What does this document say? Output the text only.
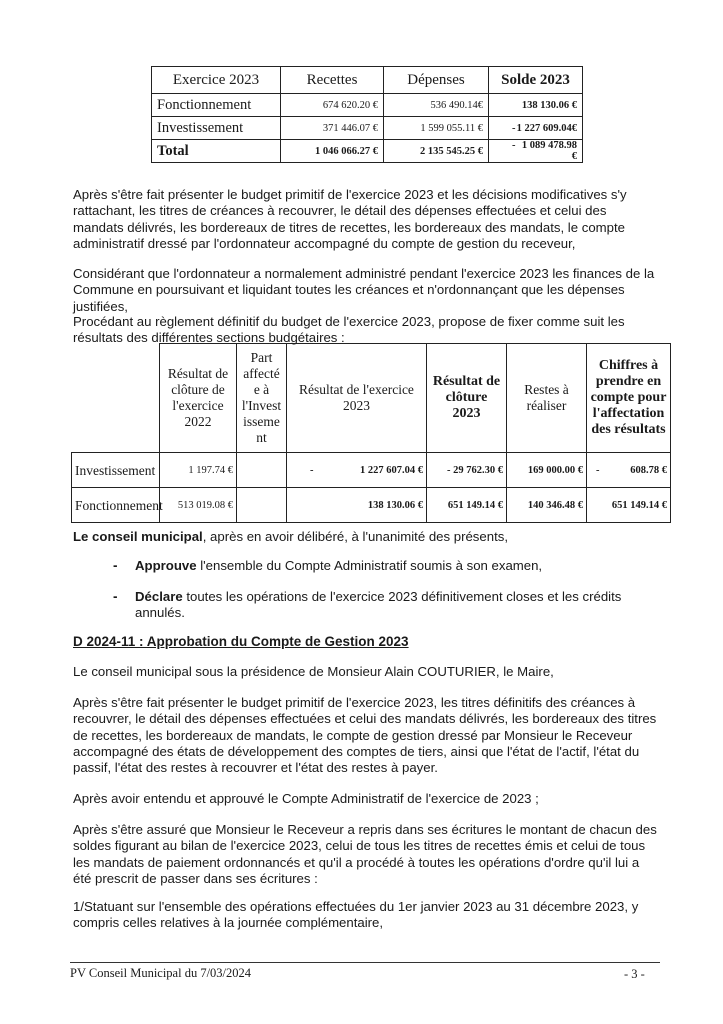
Exercice 2023	Recettes	Dépenses	Solde 2023
Fonctionnement	674 620.20 €	536 490.14€	138 130.06 €
Investissement	371 446.07 €	1 599 055.11 €	- 1 227 609.04€
Total	1 046 066.27 €	2 135 545.25 €	- 1 089 478.98 €

Après s'être fait présenter le budget primitif de l'exercice 2023 et les décisions modificatives s'y rattachant, les titres de créances à recouvrer, le détail des dépenses effectuées et celui des mandats délivrés, les bordereaux de titres de recettes, les bordereaux des mandats, le compte administratif dressé par l'ordonnateur accompagné du compte de gestion du receveur,

Considérant que l'ordonnateur a normalement administré pendant l'exercice 2023 les finances de la Commune en poursuivant et liquidant toutes les créances et n'ordonnançant que les dépenses justifiées,

Procédant au règlement définitif du budget de l'exercice 2023, propose de fixer comme suit les résultats des différentes sections budgétaires :

	Résultat de clôture de l'exercice 2022	Part affecté e à l'Invest isseme nt	Résultat de l'exercice 2023	Résultat de clôture 2023	Restes à réaliser	Chiffres à prendre en compte pour l'affectation des résultats
Investissement	1 197.74 €		- 1 227 607.04 €	- 29 762.30 €	169 000.00 €	- 608.78 €
Fonctionnement	513 019.08 €		138 130.06 €	651 149.14 €	140 346.48 €	651 149.14 €

Le conseil municipal, après en avoir délibéré, à l'unanimité des présents,

- Approuve l'ensemble du Compte Administratif soumis à son examen,

- Déclare toutes les opérations de l'exercice 2023 définitivement closes et les crédits annulés.

D 2024-11 : Approbation du Compte de Gestion 2023

Le conseil municipal sous la présidence de Monsieur Alain COUTURIER, le Maire,

Après s'être fait présenter le budget primitif de l'exercice 2023, les titres définitifs des créances à recouvrer, le détail des dépenses effectuées et celui des mandats délivrés, les bordereaux des titres de recettes, les bordereaux de mandats, le compte de gestion dressé par Monsieur le Receveur accompagné des états de développement des comptes de tiers, ainsi que l'état de l'actif, l'état du passif, l'état des restes à recouvrer et l'état des restes à payer.

Après avoir entendu et approuvé le Compte Administratif de l'exercice de 2023 ;

Après s'être assuré que Monsieur le Receveur a repris dans ses écritures le montant de chacun des soldes figurant au bilan de l'exercice 2023, celui de tous les titres de recettes émis et celui de tous les mandats de paiement ordonnancés et qu'il a procédé à toutes les opérations d'ordre qu'il lui a été prescrit de passer dans ses écritures :

1/Statuant sur l'ensemble des opérations effectuées du 1er janvier 2023 au 31 décembre 2023, y compris celles relatives à la journée complémentaire,

PV Conseil Municipal du 7/03/2024	- 3 -
